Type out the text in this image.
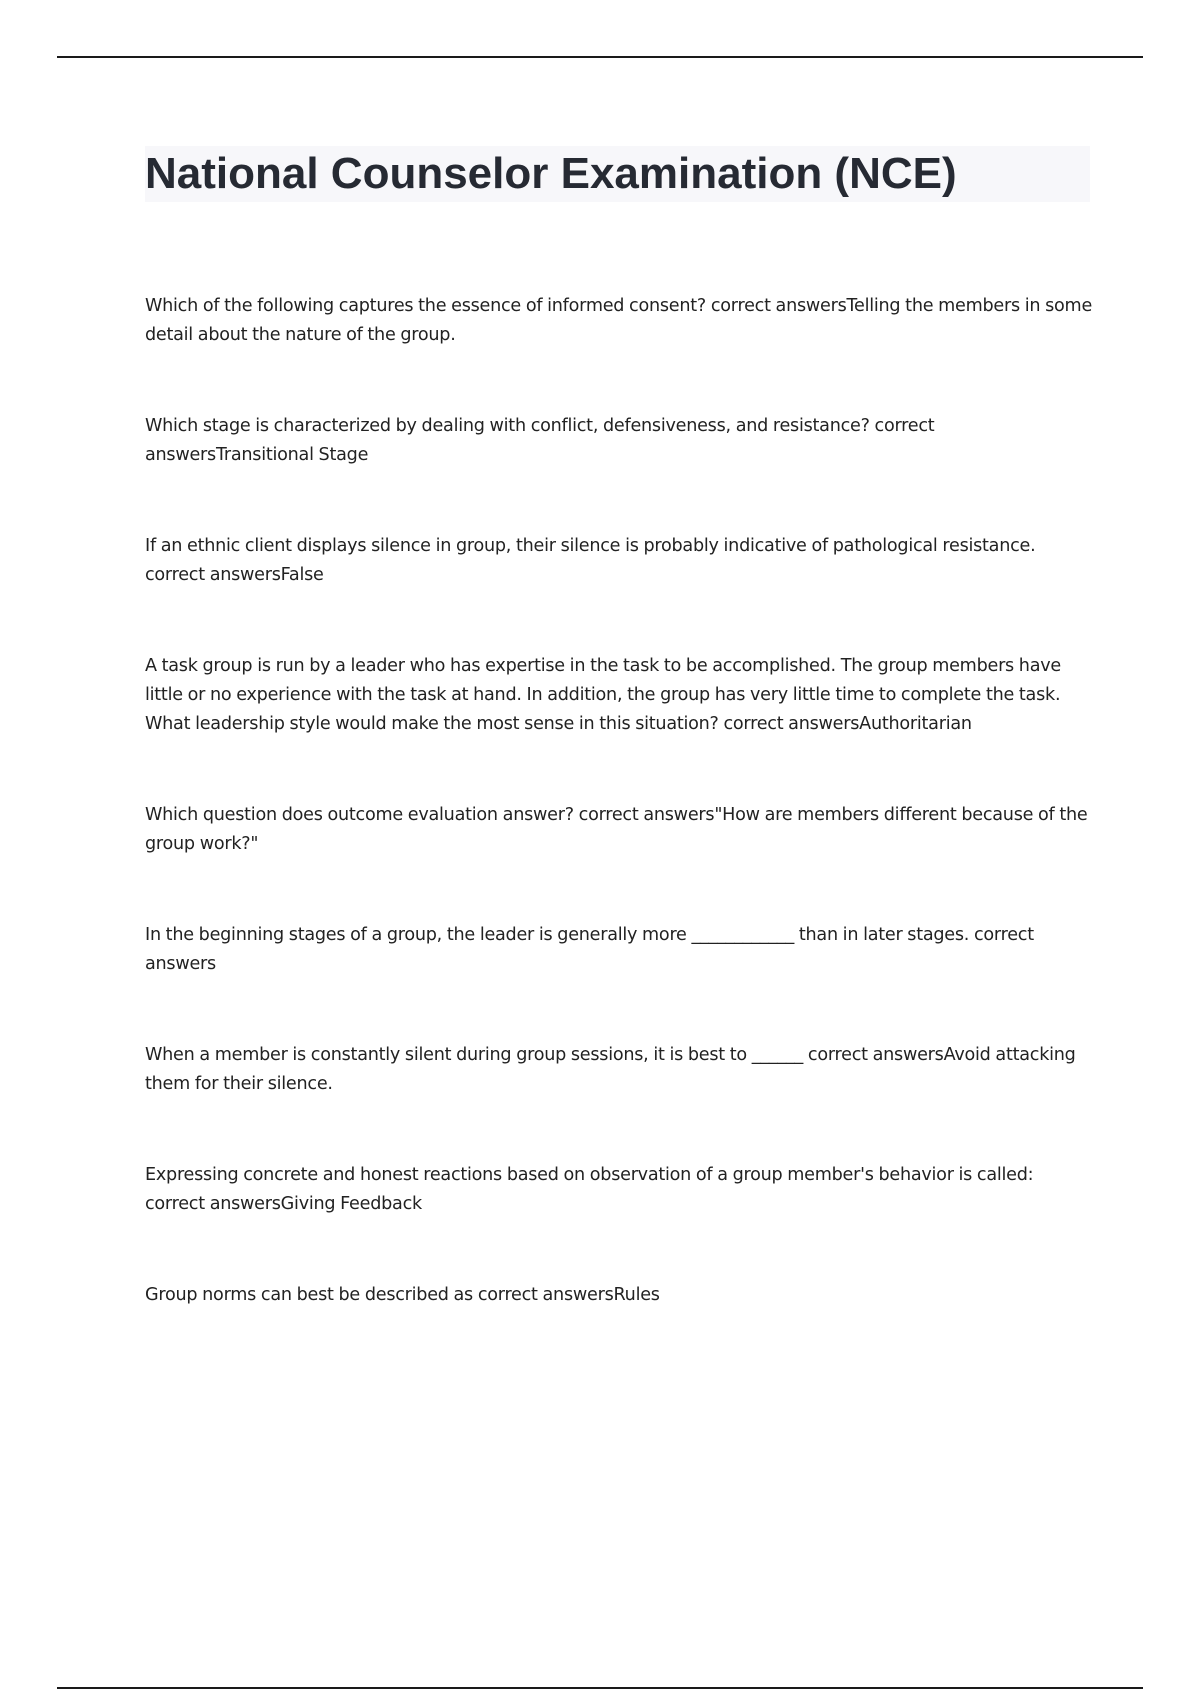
National Counselor Examination (NCE)

Which of the following captures the essence of informed consent? correct answersTelling the members in some detail about the nature of the group.

Which stage is characterized by dealing with conflict, defensiveness, and resistance? correct answersTransitional Stage

If an ethnic client displays silence in group, their silence is probably indicative of pathological resistance. correct answersFalse

A task group is run by a leader who has expertise in the task to be accomplished. The group members have little or no experience with the task at hand. In addition, the group has very little time to complete the task. What leadership style would make the most sense in this situation? correct answersAuthoritarian

Which question does outcome evaluation answer? correct answers"How are members different because of the group work?"

In the beginning stages of a group, the leader is generally more ____________ than in later stages. correct answers

When a member is constantly silent during group sessions, it is best to ______ correct answersAvoid attacking them for their silence.

Expressing concrete and honest reactions based on observation of a group member's behavior is called: correct answersGiving Feedback

Group norms can best be described as correct answersRules
